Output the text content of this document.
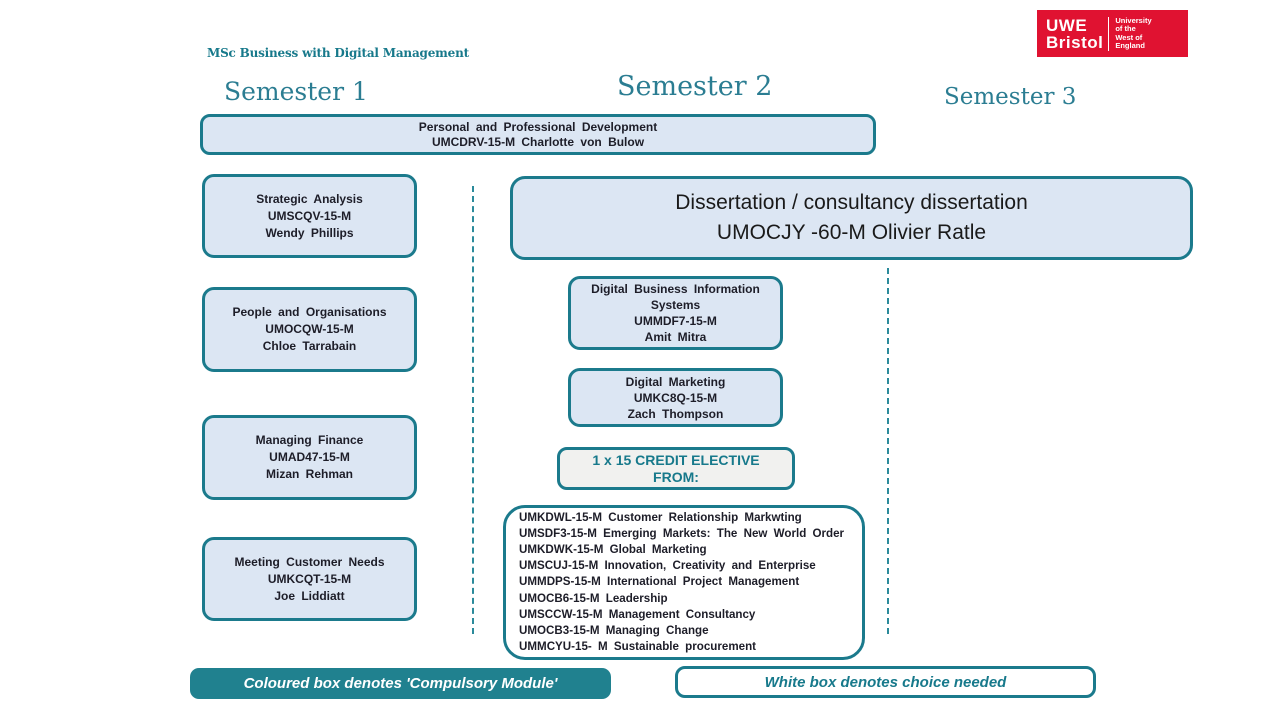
MSc Business with Digital Management
UWE
Bristol
University
of the
West of
England
Semester 1	Semester 2	Semester 3
Personal and Professional Development
UMCDRV-15-M Charlotte von Bulow
Strategic Analysis
UMSCQV-15-M
Wendy Phillips
People and Organisations
UMOCQW-15-M
Chloe Tarrabain
Managing Finance
UMAD47-15-M
Mizan Rehman
Meeting Customer Needs
UMKCQT-15-M
Joe Liddiatt
Dissertation / consultancy dissertation
UMOCJY -60-M Olivier Ratle
Digital Business Information Systems
UMMDF7-15-M
Amit Mitra
Digital Marketing
UMKC8Q-15-M
Zach Thompson
1 x 15 CREDIT ELECTIVE
FROM:
UMKDWL-15-M Customer Relationship Markwting
UMSDF3-15-M Emerging Markets: The New World Order
UMKDWK-15-M Global Marketing
UMSCUJ-15-M Innovation, Creativity and Enterprise
UMMDPS-15-M International Project Management
UMOCB6-15-M Leadership
UMSCCW-15-M Management Consultancy
UMOCB3-15-M Managing Change
UMMCYU-15- M Sustainable procurement
Coloured box denotes 'Compulsory Module'	White box denotes choice needed
